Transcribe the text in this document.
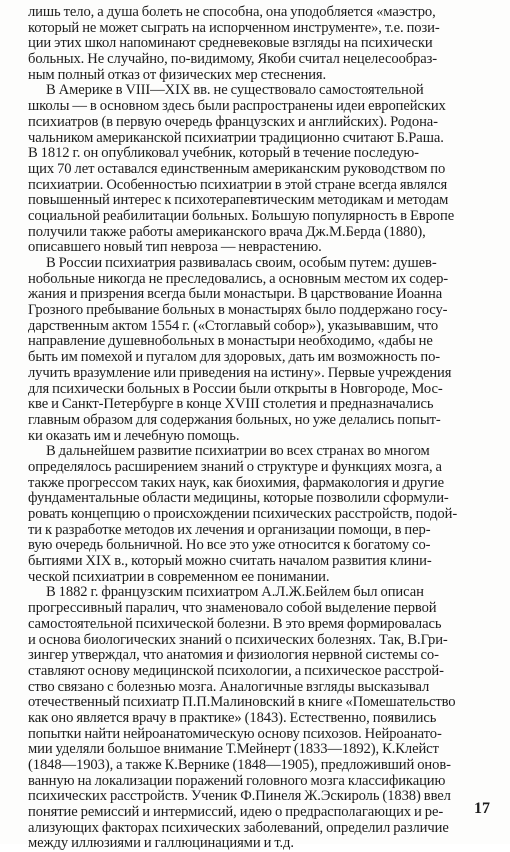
лишь тело, а душа болеть не способна, она уподобляется «маэстро,
который не может сыграть на испорченном инструменте», т.е. пози-
ции этих школ напоминают средневековые взгляды на психически
больных. Не случайно, по-видимому, Якоби считал нецелесообраз-
ным полный отказ от физических мер стеснения.
В Америке в VIII—XIX вв. не существовало самостоятельной
школы — в основном здесь были распространены идеи европейских
психиатров (в первую очередь французских и английских). Родона-
чальником американской психиатрии традиционно считают Б.Раша.
В 1812 г. он опубликовал учебник, который в течение последую-
щих 70 лет оставался единственным американским руководством по
психиатрии. Особенностью психиатрии в этой стране всегда являлся
повышенный интерес к психотерапевтическим методикам и методам
социальной реабилитации больных. Большую популярность в Европе
получили также работы американского врача Дж.М.Берда (1880),
описавшего новый тип невроза — неврастению.
В России психиатрия развивалась своим, особым путем: душев-
нобольные никогда не преследовались, а основным местом их содер-
жания и призрения всегда были монастыри. В царствование Иоанна
Грозного пребывание больных в монастырях было поддержано госу-
дарственным актом 1554 г. («Стоглавый собор»), указывавшим, что
направление душевнобольных в монастыри необходимо, «дабы не
быть им помехой и пугалом для здоровых, дать им возможность по-
лучить вразумление или приведения на истину». Первые учреждения
для психически больных в России были открыты в Новгороде, Мос-
кве и Санкт-Петербурге в конце XVIII столетия и предназначались
главным образом для содержания больных, но уже делались попыт-
ки оказать им и лечебную помощь.
В дальнейшем развитие психиатрии во всех странах во многом
определялось расширением знаний о структуре и функциях мозга, а
также прогрессом таких наук, как биохимия, фармакология и другие
фундаментальные области медицины, которые позволили сформули-
ровать концепцию о происхождении психических расстройств, подой-
ти к разработке методов их лечения и организации помощи, в пер-
вую очередь больничной. Но все это уже относится к богатому со-
бытиями XIX в., который можно считать началом развития клини-
ческой психиатрии в современном ее понимании.
В 1882 г. французским психиатром А.Л.Ж.Бейлем был описан
прогрессивный паралич, что знаменовало собой выделение первой
самостоятельной психической болезни. В это время формировалась
и основа биологических знаний о психических болезнях. Так, В.Гри-
зингер утверждал, что анатомия и физиология нервной системы со-
ставляют основу медицинской психологии, а психическое расстрой-
ство связано с болезнью мозга. Аналогичные взгляды высказывал
отечественный психиатр П.П.Малиновский в книге «Помешательство
как оно является врачу в практике» (1843). Естественно, появились
попытки найти нейроанатомическую основу психозов. Нейроанато-
мии уделяли большое внимание Т.Мейнерт (1833—1892), К.Клейст
(1848—1903), а также К.Вернике (1848—1905), предложивший онов-
ванную на локализации поражений головного мозга классификацию
психических расстройств. Ученик Ф.Пинеля Ж.Эскироль (1838) ввел
понятие ремиссий и интермиссий, идею о предрасполагающих и ре-
ализующих факторах психических заболеваний, определил различие
между иллюзиями и галлюцинациями и т.д.
17
